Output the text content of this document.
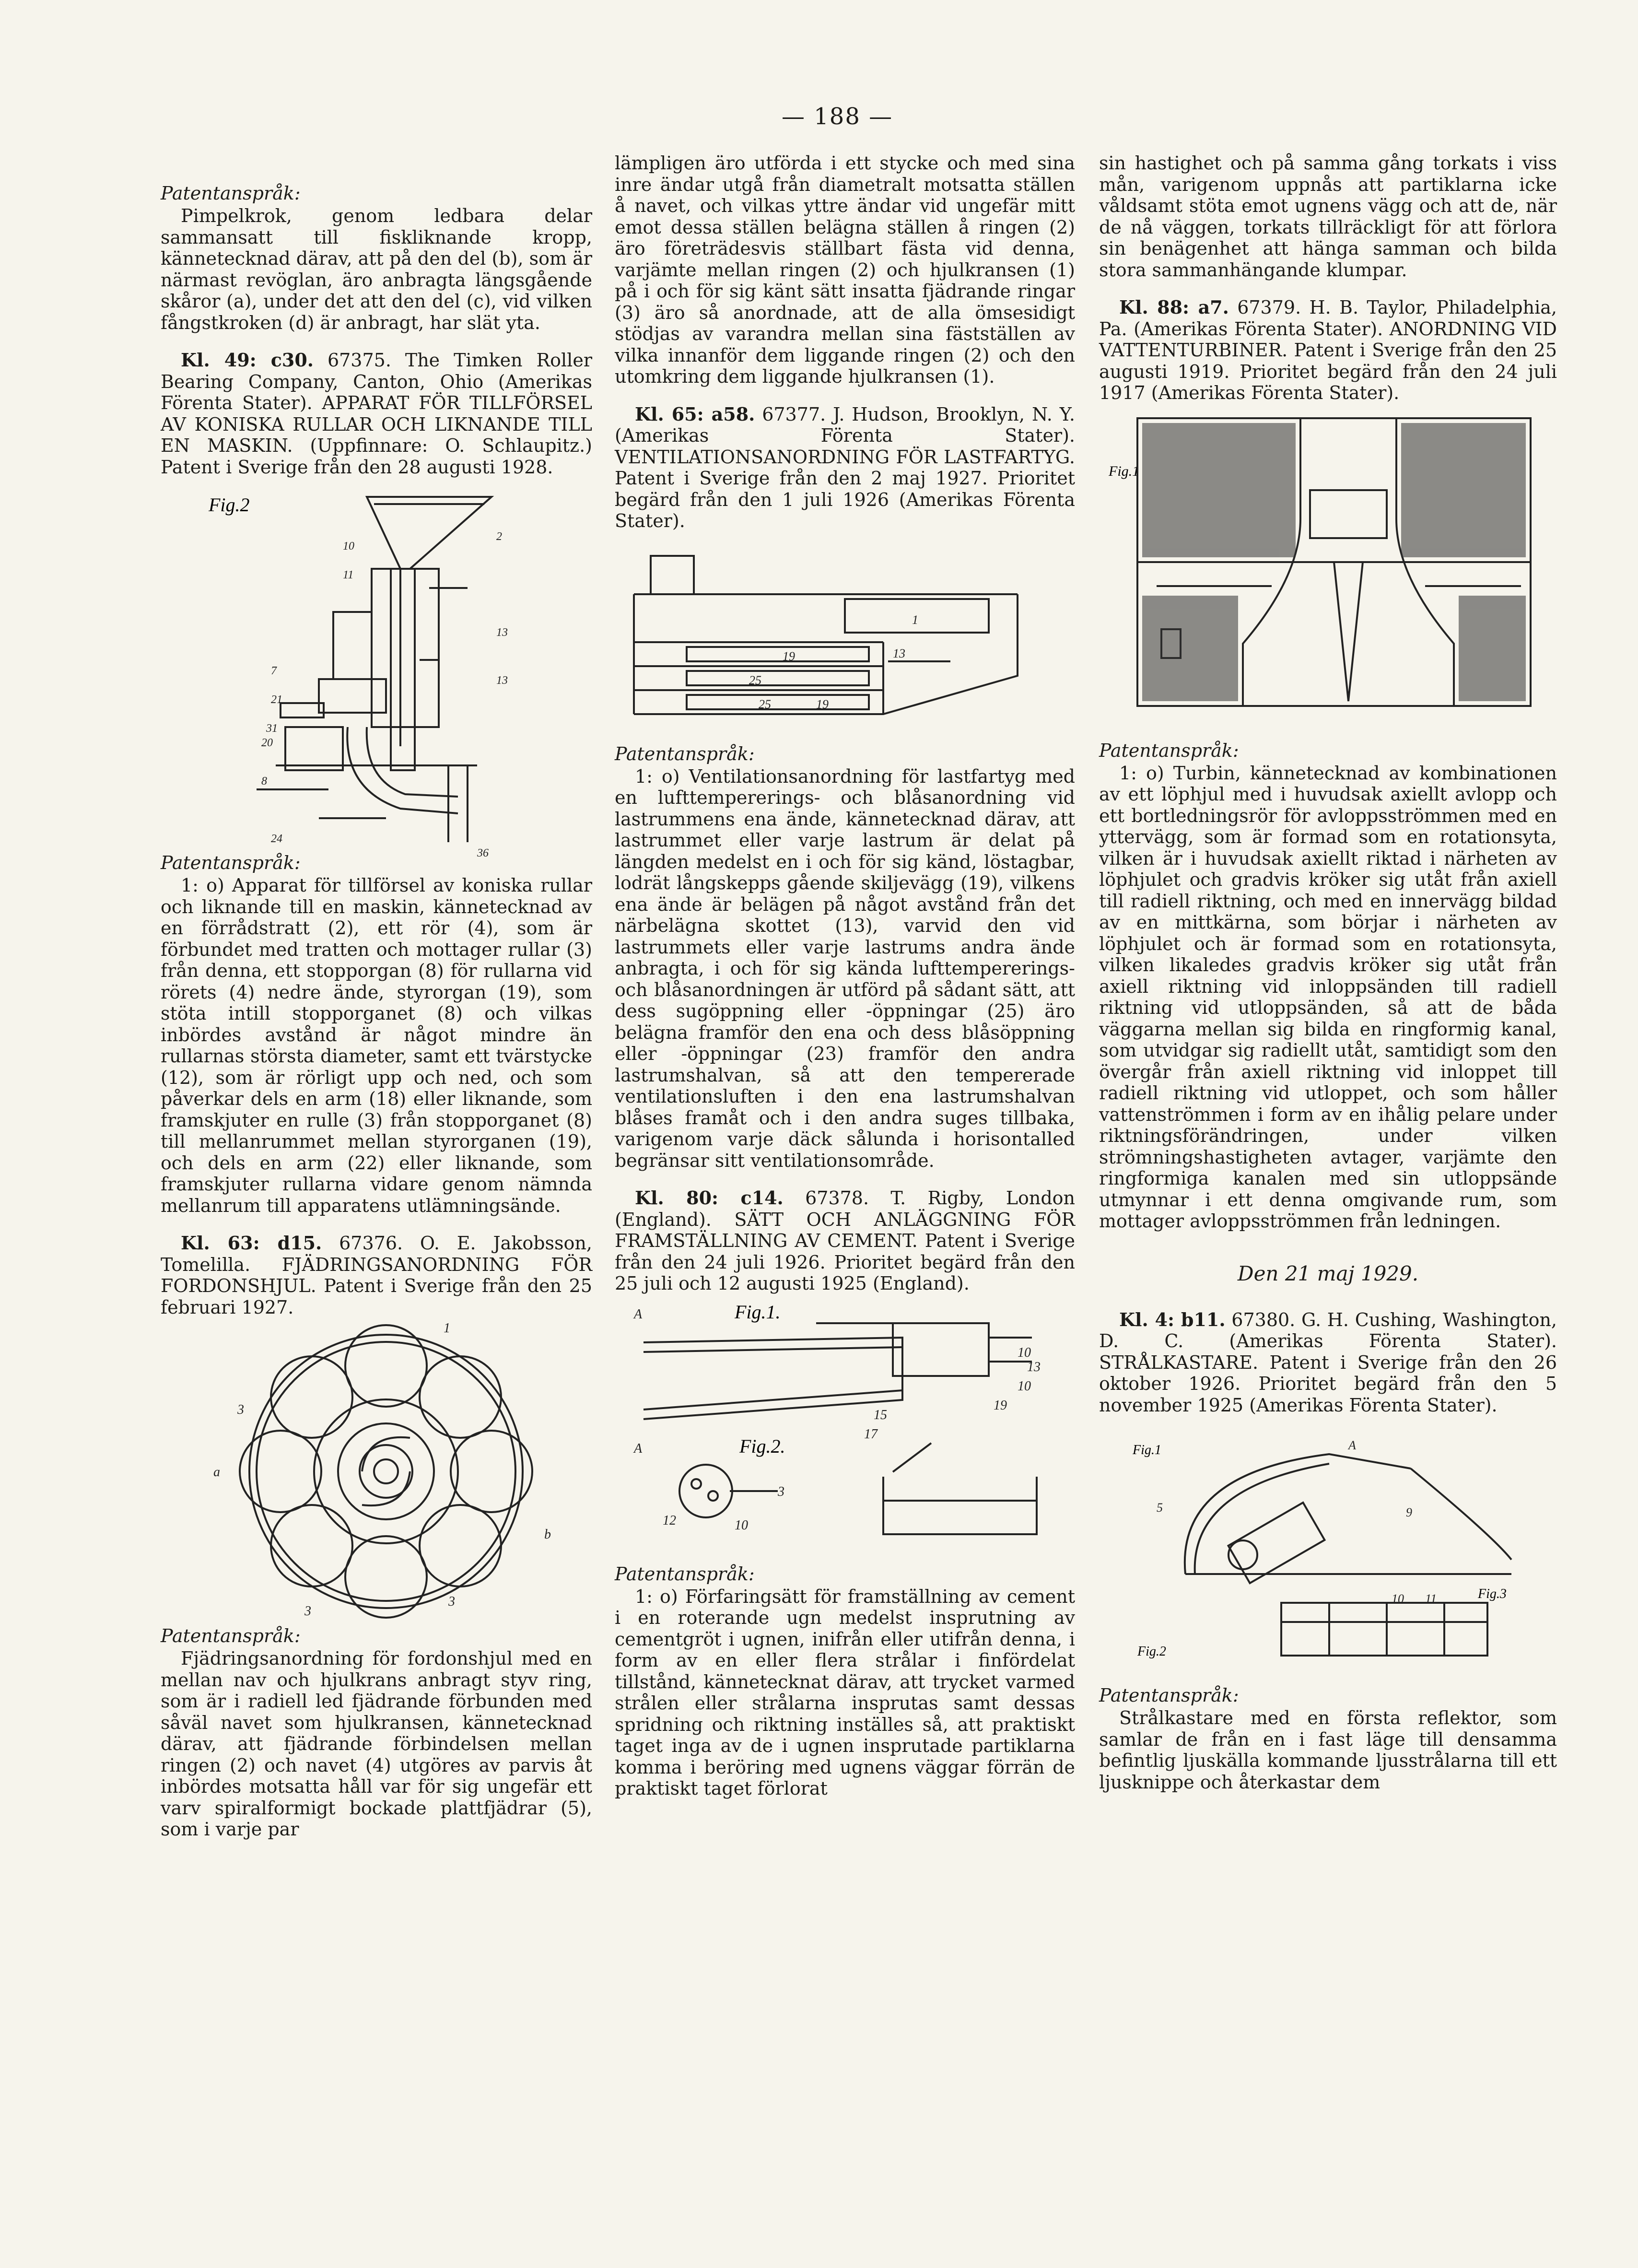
— 188 —
Patentanspråk:

Pimpelkrok, genom ledbara delar sammansatt till fiskliknande kropp, kännetecknad därav, att på den del (b), som är närmast revöglan, äro anbragta längsgående skåror (a), under det att den del (c), vid vilken fångstkroken (d) är anbragt, har slät yta.

Kl. 49: c30. 67375. The Timken Roller Bearing Company, Canton, Ohio (Amerikas Förenta Stater). APPARAT FÖR TILLFÖRSEL AV KONISKA RULLAR OCH LIKNANDE TILL EN MASKIN. (Uppfinnare: O. Schlaupitz.) Patent i Sverige från den 28 augusti 1928.

Fig.2
10
11
2
13
13
7
21
31
20
8
24
36
Patentanspråk:

1: o) Apparat för tillförsel av koniska rullar och liknande till en maskin, kännetecknad av en förrådstratt (2), ett rör (4), som är förbundet med tratten och mottager rullar (3) från denna, ett stopporgan (8) för rullarna vid rörets (4) nedre ände, styrorgan (19), som stöta intill stopporganet (8) och vilkas inbördes avstånd är något mindre än rullarnas största diameter, samt ett tvärstycke (12), som är rörligt upp och ned, och som påverkar dels en arm (18) eller liknande, som framskjuter en rulle (3) från stopporganet (8) till mellanrummet mellan styrorganen (19), och dels en arm (22) eller liknande, som framskjuter rullarna vidare genom nämnda mellanrum till apparatens utlämningsände.

Kl. 63: d15. 67376. O. E. Jakobsson, Tomelilla. FJÄDRINGSANORDNING FÖR FORDONSHJUL. Patent i Sverige från den 25 februari 1927.

1
a
b
3
3
3
Patentanspråk:

Fjädringsanordning för fordonshjul med en mellan nav och hjulkrans anbragt styv ring, som är i radiell led fjädrande förbunden med såväl navet som hjulkransen, kännetecknad därav, att fjädrande förbindelsen mellan ringen (2) och navet (4) utgöres av parvis åt inbördes motsatta håll var för sig ungefär ett varv spiralformigt bockade plattfjädrar (5), som i varje par

lämpligen äro utförda i ett stycke och med sina inre ändar utgå från diametralt motsatta ställen å navet, och vilkas yttre ändar vid ungefär mitt emot dessa ställen belägna ställen å ringen (2) äro företrädesvis ställbart fästa vid denna, varjämte mellan ringen (2) och hjulkransen (1) på i och för sig känt sätt insatta fjädrande ringar (3) äro så anordnade, att de alla ömsesidigt stödjas av varandra mellan sina fästställen av vilka innanför dem liggande ringen (2) och den utomkring dem liggande hjulkransen (1).

Kl. 65: a58. 67377. J. Hudson, Brooklyn, N. Y. (Amerikas Förenta Stater). VENTILATIONSANORDNING FÖR LASTFARTYG. Patent i Sverige från den 2 maj 1927. Prioritet begärd från den 1 juli 1926 (Amerikas Förenta Stater).

19
25
25	19
13
1
Patentanspråk:

1: o) Ventilationsanordning för lastfartyg med en lufttempererings- och blåsanordning vid lastrummens ena ände, kännetecknad därav, att lastrummet eller varje lastrum är delat på längden medelst en i och för sig känd, löstagbar, lodrät långskepps gående skiljevägg (19), vilkens ena ände är belägen på något avstånd från det närbelägna skottet (13), varvid den vid lastrummets eller varje lastrums andra ände anbragta, i och för sig kända lufttempererings- och blåsanordningen är utförd på sådant sätt, att dess sugöppning eller -öppningar (25) äro belägna framför den ena och dess blåsöppning eller -öppningar (23) framför den andra lastrumshalvan, så att den tempererade ventilationsluften i den ena lastrumshalvan blåses framåt och i den andra suges tillbaka, varigenom varje däck sålunda i horisontalled begränsar sitt ventilationsområde.

Kl. 80: c14. 67378. T. Rigby, London (England). SÄTT OCH ANLÄGGNING FÖR FRAMSTÄLLNING AV CEMENT. Patent i Sverige från den 24 juli 1926. Prioritet begärd från den 25 juli och 12 augusti 1925 (England).

Fig.1.
Fig.2.
A
A
10
13
10
19
15
17
3
12	10
Patentanspråk:

1: o) Förfaringsätt för framställning av cement i en roterande ugn medelst insprutning av cementgröt i ugnen, inifrån eller utifrån denna, i form av en eller flera strålar i finfördelat tillstånd, kännetecknat därav, att trycket varmed strålen eller strålarna insprutas samt dessas spridning och riktning inställes så, att praktiskt taget inga av de i ugnen insprutade partiklarna komma i beröring med ugnens väggar förrän de praktiskt taget förlorat

sin hastighet och på samma gång torkats i viss mån, varigenom uppnås att partiklarna icke våldsamt stöta emot ugnens vägg och att de, när de nå väggen, torkats tillräckligt för att förlora sin benägenhet att hänga samman och bilda stora sammanhängande klumpar.

Kl. 88: a7. 67379. H. B. Taylor, Philadelphia, Pa. (Amerikas Förenta Stater). ANORDNING VID VATTENTURBINER. Patent i Sverige från den 25 augusti 1919. Prioritet begärd från den 24 juli 1917 (Amerikas Förenta Stater).

Fig.1
Patentanspråk:

1: o) Turbin, kännetecknad av kombinationen av ett löphjul med i huvudsak axiellt avlopp och ett bortledningsrör för avloppsströmmen med en yttervägg, som är formad som en rotationsyta, vilken är i huvudsak axiellt riktad i närheten av löphjulet och gradvis kröker sig utåt från axiell till radiell riktning, och med en innervägg bildad av en mittkärna, som börjar i närheten av löphjulet och är formad som en rotationsyta, vilken likaledes gradvis kröker sig utåt från axiell riktning vid inloppsänden till radiell riktning vid utloppsänden, så att de båda väggarna mellan sig bilda en ringformig kanal, som utvidgar sig radiellt utåt, samtidigt som den övergår från axiell riktning vid inloppet till radiell riktning vid utloppet, och som håller vattenströmmen i form av en ihålig pelare under riktningsförändringen, under vilken strömningshastigheten avtager, varjämte den ringformiga kanalen med sin utloppsände utmynnar i ett denna omgivande rum, som mottager avloppsströmmen från ledningen.

Den 21 maj 1929.

Kl. 4: b11. 67380. G. H. Cushing, Washington, D. C. (Amerikas Förenta Stater). STRÅLKASTARE. Patent i Sverige från den 26 oktober 1926. Prioritet begärd från den 5 november 1925 (Amerikas Förenta Stater).

Fig.1
Fig.2
Fig.3
A
5	9
10 11
Patentanspråk:

Strålkastare med en första reflektor, som samlar de från en i fast läge till densamma befintlig ljuskälla kommande ljusstrålarna till ett ljusknippe och återkastar dem
